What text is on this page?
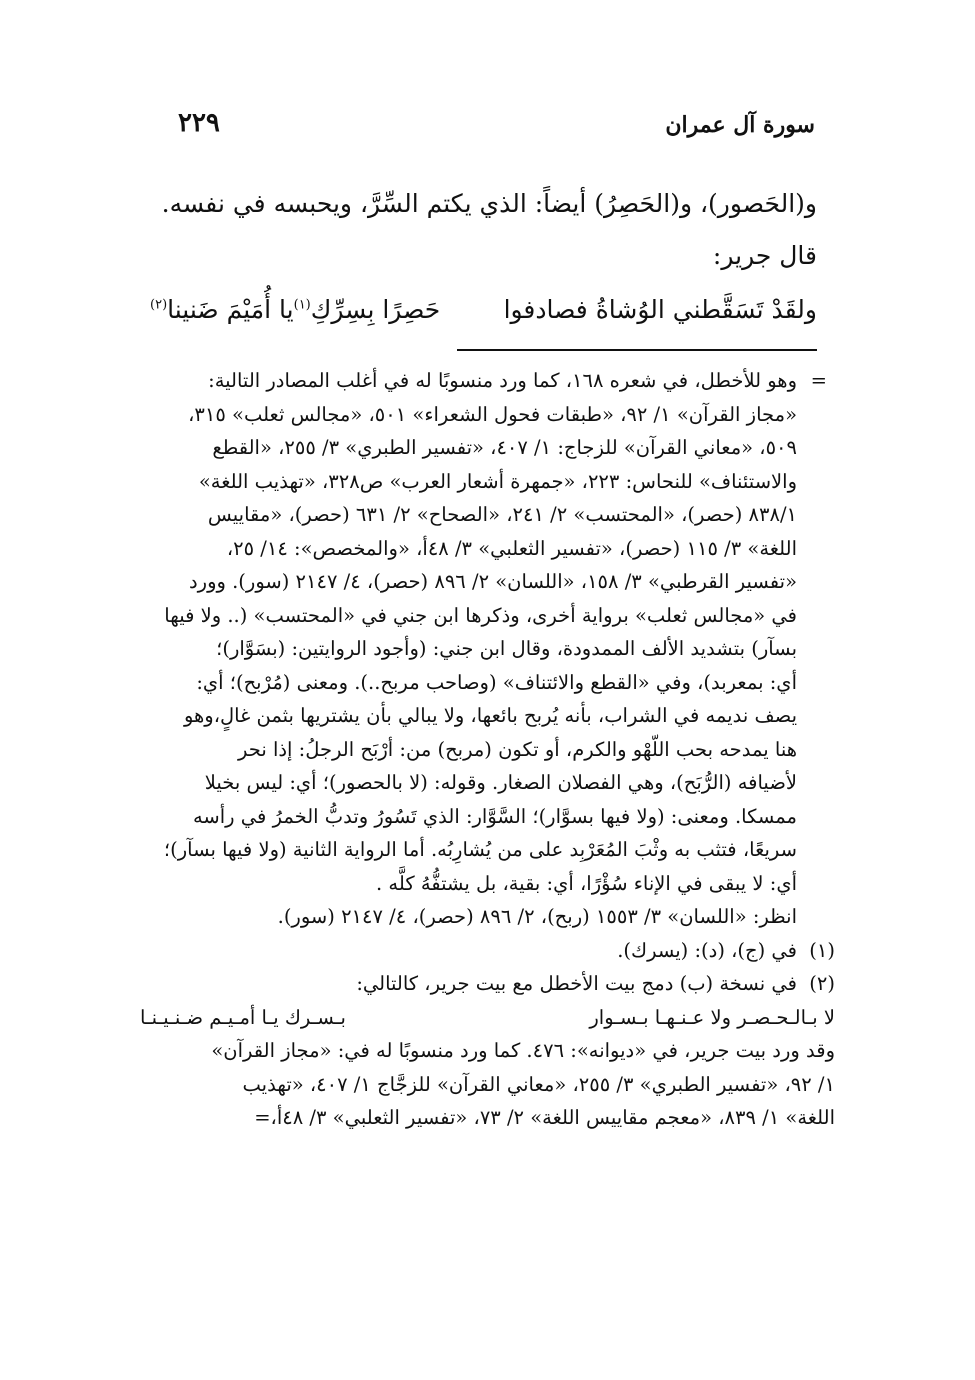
سورة آل عمران
٢٢٩

و(الحَصور)، و(الحَصِرُ) أيضاً: الذي يكتم السِّرَّ، ويحبسه في نفسه.

قال جرير:

ولقَدْ تَسَقَّطني الوُشاةُ فصادفوا
حَصِرًا بِسِرِّكِ$^{(١)}$يا أُمَيْمَ ضَنينا$^{(٢)}$
=

وهو للأخطل، في شعره ١٦٨، كما ورد منسوبًا له في أغلب المصادر التالية:

«مجاز القرآن» ١/ ٩٢، «طبقات فحول الشعراء» ٥٠١، «مجالس ثعلب» ٣١٥،

٥٠٩، «معاني القرآن» للزجاج: ١/ ٤٠٧، «تفسير الطبري» ٣/ ٢٥٥، «القطع

والاستئناف» للنحاس: ٢٢٣، «جمهرة أشعار العرب» ص٣٢٨، «تهذيب اللغة»

٨٣٨/١ (حصر)، «المحتسب» ٢/ ٢٤١، «الصحاح» ٢/ ٦٣١ (حصر)، «مقاييس

اللغة» ٣/ ١١٥ (حصر)، «تفسير الثعلبي» ٣/ ٤٨أ، «والمخصص»: ١٤/ ٢٥،

«تفسير القرطبي» ٣/ ١٥٨، «اللسان» ٢/ ٨٩٦ (حصر)، ٤/ ٢١٤٧ (سور). وورد

في «مجالس ثعلب» برواية أخرى، وذكرها ابن جني في «المحتسب» (.. ولا فيها

بسآر) بتشديد الألف الممدودة، وقال ابن جني: (وأجود الروايتين: (بسَوَّار)؛

أي: بمعربد)، وفي «القطع والائتناف» (وصاحب مربح..). ومعنى (مُرْبح)؛ أي:

يصف نديمه في الشراب، بأنه يُربح بائعها، ولا يبالي بأن يشتريها بثمن غالٍ،وهو

هنا يمدحه بحب اللّهْو والكرم، أو تكون (مربح) من: أرْبَح الرجلُ: إذا نحر

لأضيافه (الرُّبَح)، وهي الفصلان الصغار. وقوله: (لا بالحصور)؛ أي: ليس بخيلا

ممسكا. ومعنى: (ولا فيها بسوَّار)؛ السَّوَّار: الذي تَسُورُ وتدبُّ الخمرُ في رأسه

سريعًا، فتثب به وثْبَ المُعَرْبِد على من يُشارِبُه. أما الرواية الثانية (ولا فيها بسآر)؛

أي: لا يبقى في الإناء سُؤْرًا، أي: بقية، بل يشتفُّهُ كلَّه .

انظر: «اللسان» ٣/ ١٥٥٣ (ربح)، ٢/ ٨٩٦ (حصر)، ٤/ ٢١٤٧ (سور).

(١)

في (ج)، (د): (يسرك).

(٢)

في نسخة (ب) دمج بيت الأخطل مع بيت جرير، كالتالي:

لا بـالـحـصـر ولا عـنـهـا بـسـوار
بـسـرك يـا أمـيـم ضـنـيـنـا

وقد ورد بيت جرير، في «ديوانه»: ٤٧٦. كما ورد منسوبًا له في: «مجاز القرآن»

١/ ٩٢، «تفسير الطبري» ٣/ ٢٥٥، «معاني القرآن» للزجَّاج ١/ ٤٠٧، «تهذيب

اللغة» ١/ ٨٣٩، «معجم مقاييس اللغة» ٢/ ٧٣، «تفسير الثعلبي» ٣/ ٤٨أ،=
